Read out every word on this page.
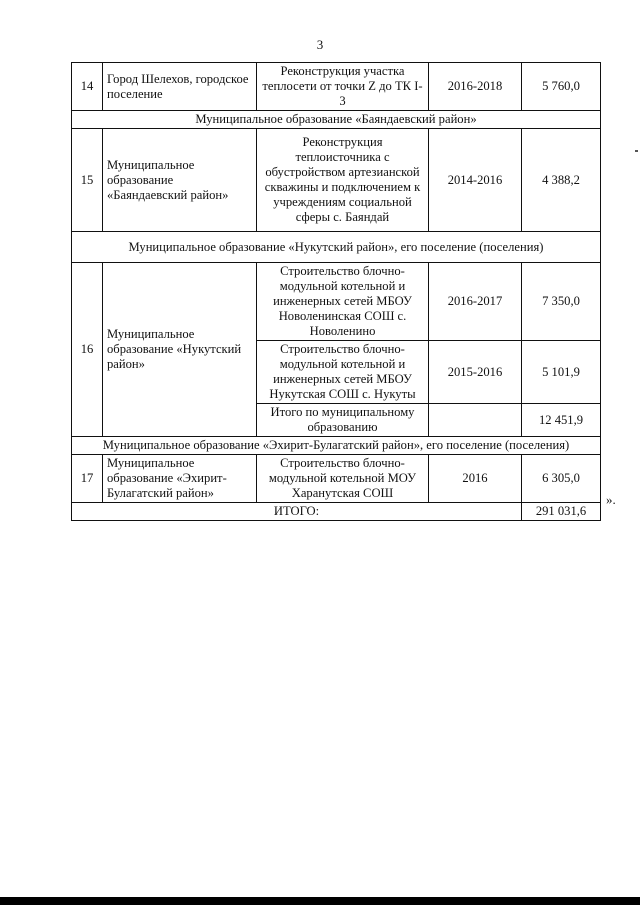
3
14	Город Шелехов, городское поселение	Реконструкция участка теплосети от точки Z до ТК I-3	2016-2018	5 760,0
Муниципальное образование «Баяндаевский район»				
15	Муниципальное образование «Баяндаевский район»	Реконструкция теплоисточника с обустройством артезианской скважины и подключением к учреждениям социальной сферы с. Баяндай	2014-2016	4 388,2
Муниципальное образование «Нукутский район», его поселение (поселения)				
16	Муниципальное образование «Нукутский район»	Строительство блочно-модульной котельной и инженерных сетей МБОУ Новоленинская СОШ с. Новоленино	2016-2017	7 350,0
		Строительство блочно-модульной котельной и инженерных сетей МБОУ Нукутская СОШ с. Нукуты	2015-2016	5 101,9
		Итого по муниципальному образованию		12 451,9
Муниципальное образование «Эхирит-Булагатский район», его поселение (поселения)				
17	Муниципальное образование «Эхирит-Булагатский район»	Строительство блочно-модульной котельной МОУ Харанутская СОШ	2016	6 305,0
ИТОГО:				291 031,6
».
